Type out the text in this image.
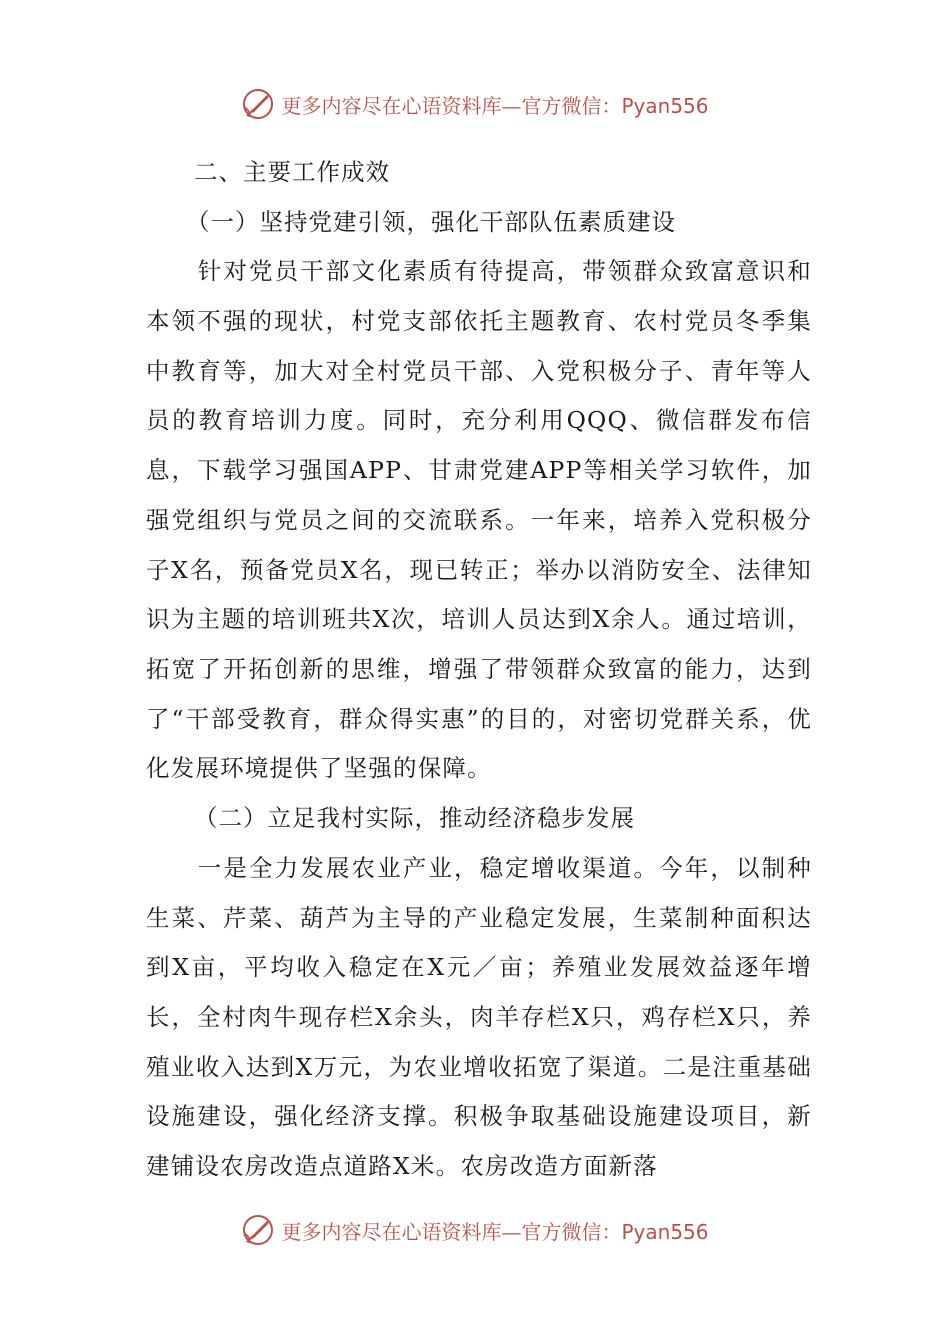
更多内容尽在心语资料库—官方微信：Pyan556
二、主要工作成效
（一）坚持党建引领，强化干部队伍素质建设

针对党员干部文化素质有待提高，带领群众致富意识和本领不强的现状，村党支部依托主题教育、农村党员冬季集中教育等，加大对全村党员干部、入党积极分子、青年等人员的教育培训力度。同时，充分利用QQQ、微信群发布信息，下载学习强国APP、甘肃党建APP等相关学习软件，加强党组织与党员之间的交流联系。一年来，培养入党积极分子X名，预备党员X名，现已转正；举办以消防安全、法律知识为主题的培训班共X次，培训人员达到X余人。通过培训，拓宽了开拓创新的思维，增强了带领群众致富的能力，达到了“干部受教育，群众得实惠”的目的，对密切党群关系，优化发展环境提供了坚强的保障。

（二）立足我村实际，推动经济稳步发展

一是全力发展农业产业，稳定增收渠道。今年，以制种生菜、芹菜、葫芦为主导的产业稳定发展，生菜制种面积达到X亩，平均收入稳定在X元／亩；养殖业发展效益逐年增长，全村肉牛现存栏X余头，肉羊存栏X只，鸡存栏X只，养殖业收入达到X万元，为农业增收拓宽了渠道。二是注重基础设施建设，强化经济支撑。积极争取基础设施建设项目，新建铺设农房改造点道路X米。农房改造方面新落

更多内容尽在心语资料库—官方微信：Pyan556
